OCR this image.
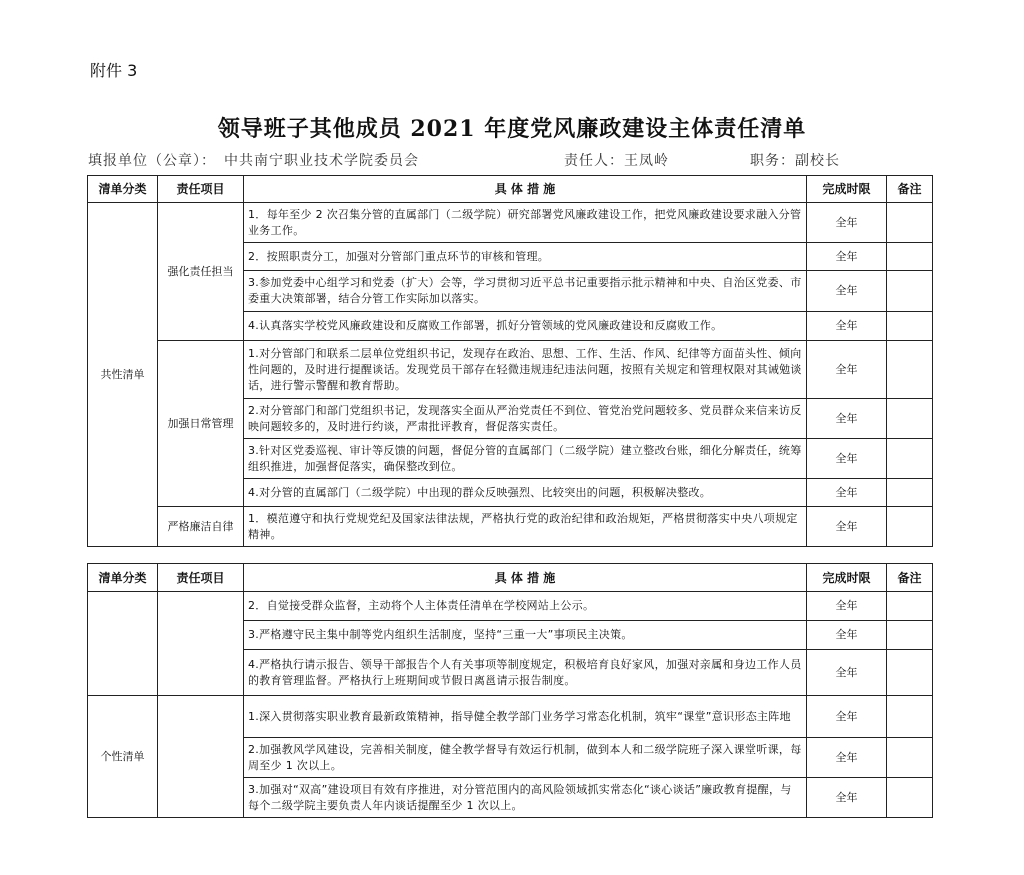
附件 3
领导班子其他成员 2021 年度党风廉政建设主体责任清单
填报单位（公章）：　中共南宁职业技术学院委员会	责任人：王凤岭	职务：副校长
清单分类	责任项目	具 体 措 施	完成时限	备注
共性清单	强化责任担当	1．每年至少 2 次召集分管的直属部门（二级学院）研究部署党风廉政建设工作，把党风廉政建设要求融入分管业务工作。	全年	
		2．按照职责分工，加强对分管部门重点环节的审核和管理。	全年	
		3.参加党委中心组学习和党委（扩大）会等，学习贯彻习近平总书记重要指示批示精神和中央、自治区党委、市委重大决策部署，结合分管工作实际加以落实。	全年	
		4.认真落实学校党风廉政建设和反腐败工作部署，抓好分管领域的党风廉政建设和反腐败工作。	全年	
	加强日常管理	1.对分管部门和联系二层单位党组织书记，发现存在政治、思想、工作、生活、作风、纪律等方面苗头性、倾向性问题的，及时进行提醒谈话。发现党员干部存在轻微违规违纪违法问题，按照有关规定和管理权限对其诫勉谈话，进行警示警醒和教育帮助。	全年	
		2.对分管部门和部门党组织书记，发现落实全面从严治党责任不到位、管党治党问题较多、党员群众来信来访反映问题较多的，及时进行约谈，严肃批评教育，督促落实责任。	全年	
		3.针对区党委巡视、审计等反馈的问题，督促分管的直属部门（二级学院）建立整改台账，细化分解责任，统筹组织推进，加强督促落实，确保整改到位。	全年	
		4.对分管的直属部门（二级学院）中出现的群众反映强烈、比较突出的问题，积极解决整改。	全年	
	严格廉洁自律	1．模范遵守和执行党规党纪及国家法律法规，严格执行党的政治纪律和政治规矩，严格贯彻落实中央八项规定精神。	全年	
清单分类	责任项目	具 体 措 施	完成时限	备注
		2．自觉接受群众监督，主动将个人主体责任清单在学校网站上公示。	全年	
		3.严格遵守民主集中制等党内组织生活制度，坚持“三重一大”事项民主决策。	全年	
		4.严格执行请示报告、领导干部报告个人有关事项等制度规定，积极培育良好家风，加强对亲属和身边工作人员的教育管理监督。严格执行上班期间或节假日离邕请示报告制度。	全年	
个性清单		1.深入贯彻落实职业教育最新政策精神，指导健全教学部门业务学习常态化机制，筑牢“课堂”意识形态主阵地	全年	
		2.加强教风学风建设，完善相关制度，健全教学督导有效运行机制，做到本人和二级学院班子深入课堂听课，每周至少 1 次以上。	全年	
		3.加强对“双高”建设项目有效有序推进，对分管范围内的高风险领域抓实常态化“谈心谈话”廉政教育提醒，与每个二级学院主要负责人年内谈话提醒至少 1 次以上。	全年	
